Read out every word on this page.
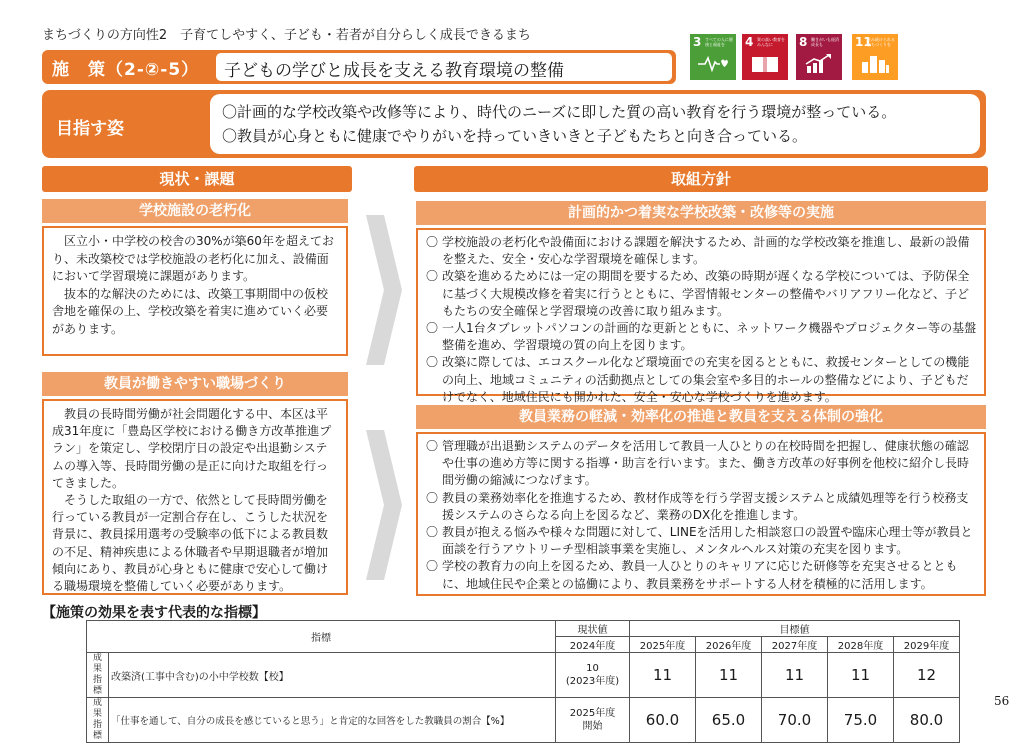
まちづくりの方向性2　子育てしやすく、子ども・若者が自分らしく成長できるまち
施　策（2-②-5） 子どもの学びと成長を支える教育環境の整備
3 すべての人に健康と福祉を	4 質の高い教育をみんなに	8 働きがいも経済成長も	11
住み続けられるまちづくりを
目指す姿
〇計画的な学校改築や改修等により、時代のニーズに即した質の高い教育を行う環境が整っている。
〇教員が心身ともに健康でやりがいを持っていきいきと子どもたちと向き合っている。
現状・課題
学校施設の老朽化

区立小・中学校の校舎の30%が築60年を超えており、未改築校では学校施設の老朽化に加え、設備面において学習環境に課題があります。

抜本的な解決のためには、改築工事期間中の仮校舎地を確保の上、学校改築を着実に進めていく必要があります。

教員が働きやすい職場づくり

教員の長時間労働が社会問題化する中、本区は平成31年度に「豊島区学校における働き方改革推進プラン」を策定し、学校閉庁日の設定や出退勤システムの導入等、長時間労働の是正に向けた取組を行ってきました。

そうした取組の一方で、依然として長時間労働を行っている教員が一定割合存在し、こうした状況を背景に、教員採用選考の受験率の低下による教員数の不足、精神疾患による休職者や早期退職者が増加傾向にあり、教員が心身ともに健康で安心して働ける職場環境を整備していく必要があります。

取組方針
計画的かつ着実な学校改築・改修等の実施
〇 学校施設の老朽化や設備面における課題を解決するため、計画的な学校改築を推進し、最新の設備を整えた、安全・安心な学習環境を確保します。
〇 改築を進めるためには一定の期間を要するため、改築の時期が遅くなる学校については、予防保全に基づく大規模改修を着実に行うとともに、学習情報センターの整備やバリアフリー化など、子どもたちの安全確保と学習環境の改善に取り組みます。
〇 一人1台タブレットパソコンの計画的な更新とともに、ネットワーク機器やプロジェクター等の基盤整備を進め、学習環境の質の向上を図ります。
〇 改築に際しては、エコスクール化など環境面での充実を図るとともに、救援センターとしての機能の向上、地域コミュニティの活動拠点としての集会室や多目的ホールの整備などにより、子どもだけでなく、地域住民にも開かれた、安全・安心な学校づくりを進めます。
教員業務の軽減・効率化の推進と教員を支える体制の強化
〇 管理職が出退勤システムのデータを活用して教員一人ひとりの在校時間を把握し、健康状態の確認や仕事の進め方等に関する指導・助言を行います。また、働き方改革の好事例を他校に紹介し長時間労働の縮減につなげます。
〇 教員の業務効率化を推進するため、教材作成等を行う学習支援システムと成績処理等を行う校務支援システムのさらなる向上を図るなど、業務のDX化を推進します。
〇 教員が抱える悩みや様々な問題に対して、LINEを活用した相談窓口の設置や臨床心理士等が教員と面談を行うアウトリーチ型相談事業を実施し、メンタルヘルス対策の充実を図ります。
〇 学校の教育力の向上を図るため、教員一人ひとりのキャリアに応じた研修等を充実させるとともに、地域住民や企業との協働により、教員業務をサポートする人材を積極的に活用します。
【施策の効果を表す代表的な指標】
指標		現状値	目標値				
		2024年度	2025年度	2026年度	2027年度	2028年度	2029年度
成果指標	改築済(工事中含む)の小中学校数【校】	10
(2023年度)	11	11	11	11	12
成果指標	「仕事を通して、自分の成長を感じていると思う」と肯定的な回答をした教職員の割合【%】	2025年度
開始	60.0	65.0	70.0	75.0	80.0
56
